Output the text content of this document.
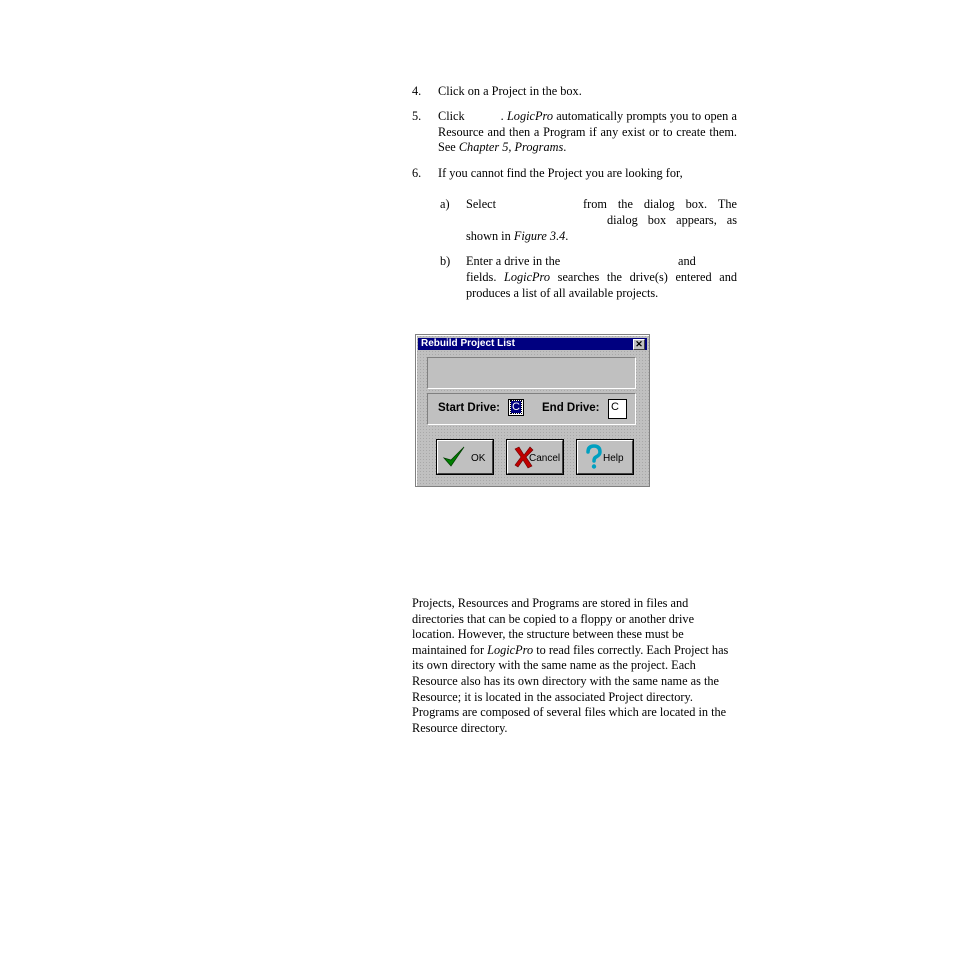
4. Click on a Project in the box.
5. Click	. LogicPro automatically prompts you to open a Resource and then a Program if any exist or to create them. See Chapter 5, Programs.
6. If you cannot find the Project you are looking for,
a) Select	from the dialog box. The
dialog box appears, as
shown in Figure 3.4.
b) Enter a drive in the	and
fields. LogicPro searches the drive(s) entered and produces a list of all available projects.
Rebuild Project List	✕
Start Drive:	C	End Drive: C
OK	Cancel	Help
Projects, Resources and Programs are stored in files and directories that can be copied to a floppy or another drive location. However, the structure between these must be maintained for LogicPro to read files correctly. Each Project has its own directory with the same name as the project. Each Resource also has its own directory with the same name as the Resource; it is located in the associated Project directory. Programs are composed of several files which are located in the Resource directory.
